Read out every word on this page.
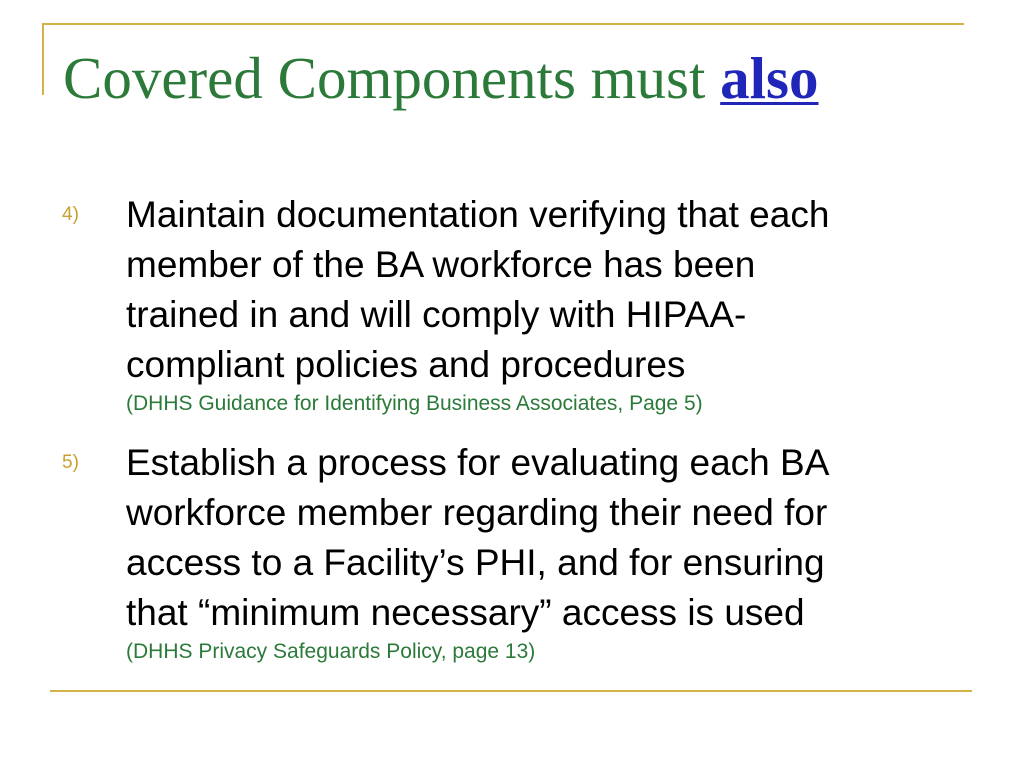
Covered Components must also
4) Maintain documentation verifying that each
member of the BA workforce has been
trained in and will comply with HIPAA-
compliant policies and procedures
(DHHS Guidance for Identifying Business Associates, Page 5)
5) Establish a process for evaluating each BA
workforce member regarding their need for
access to a Facility’s PHI, and for ensuring
that “minimum necessary” access is used
(DHHS Privacy Safeguards Policy, page 13)
